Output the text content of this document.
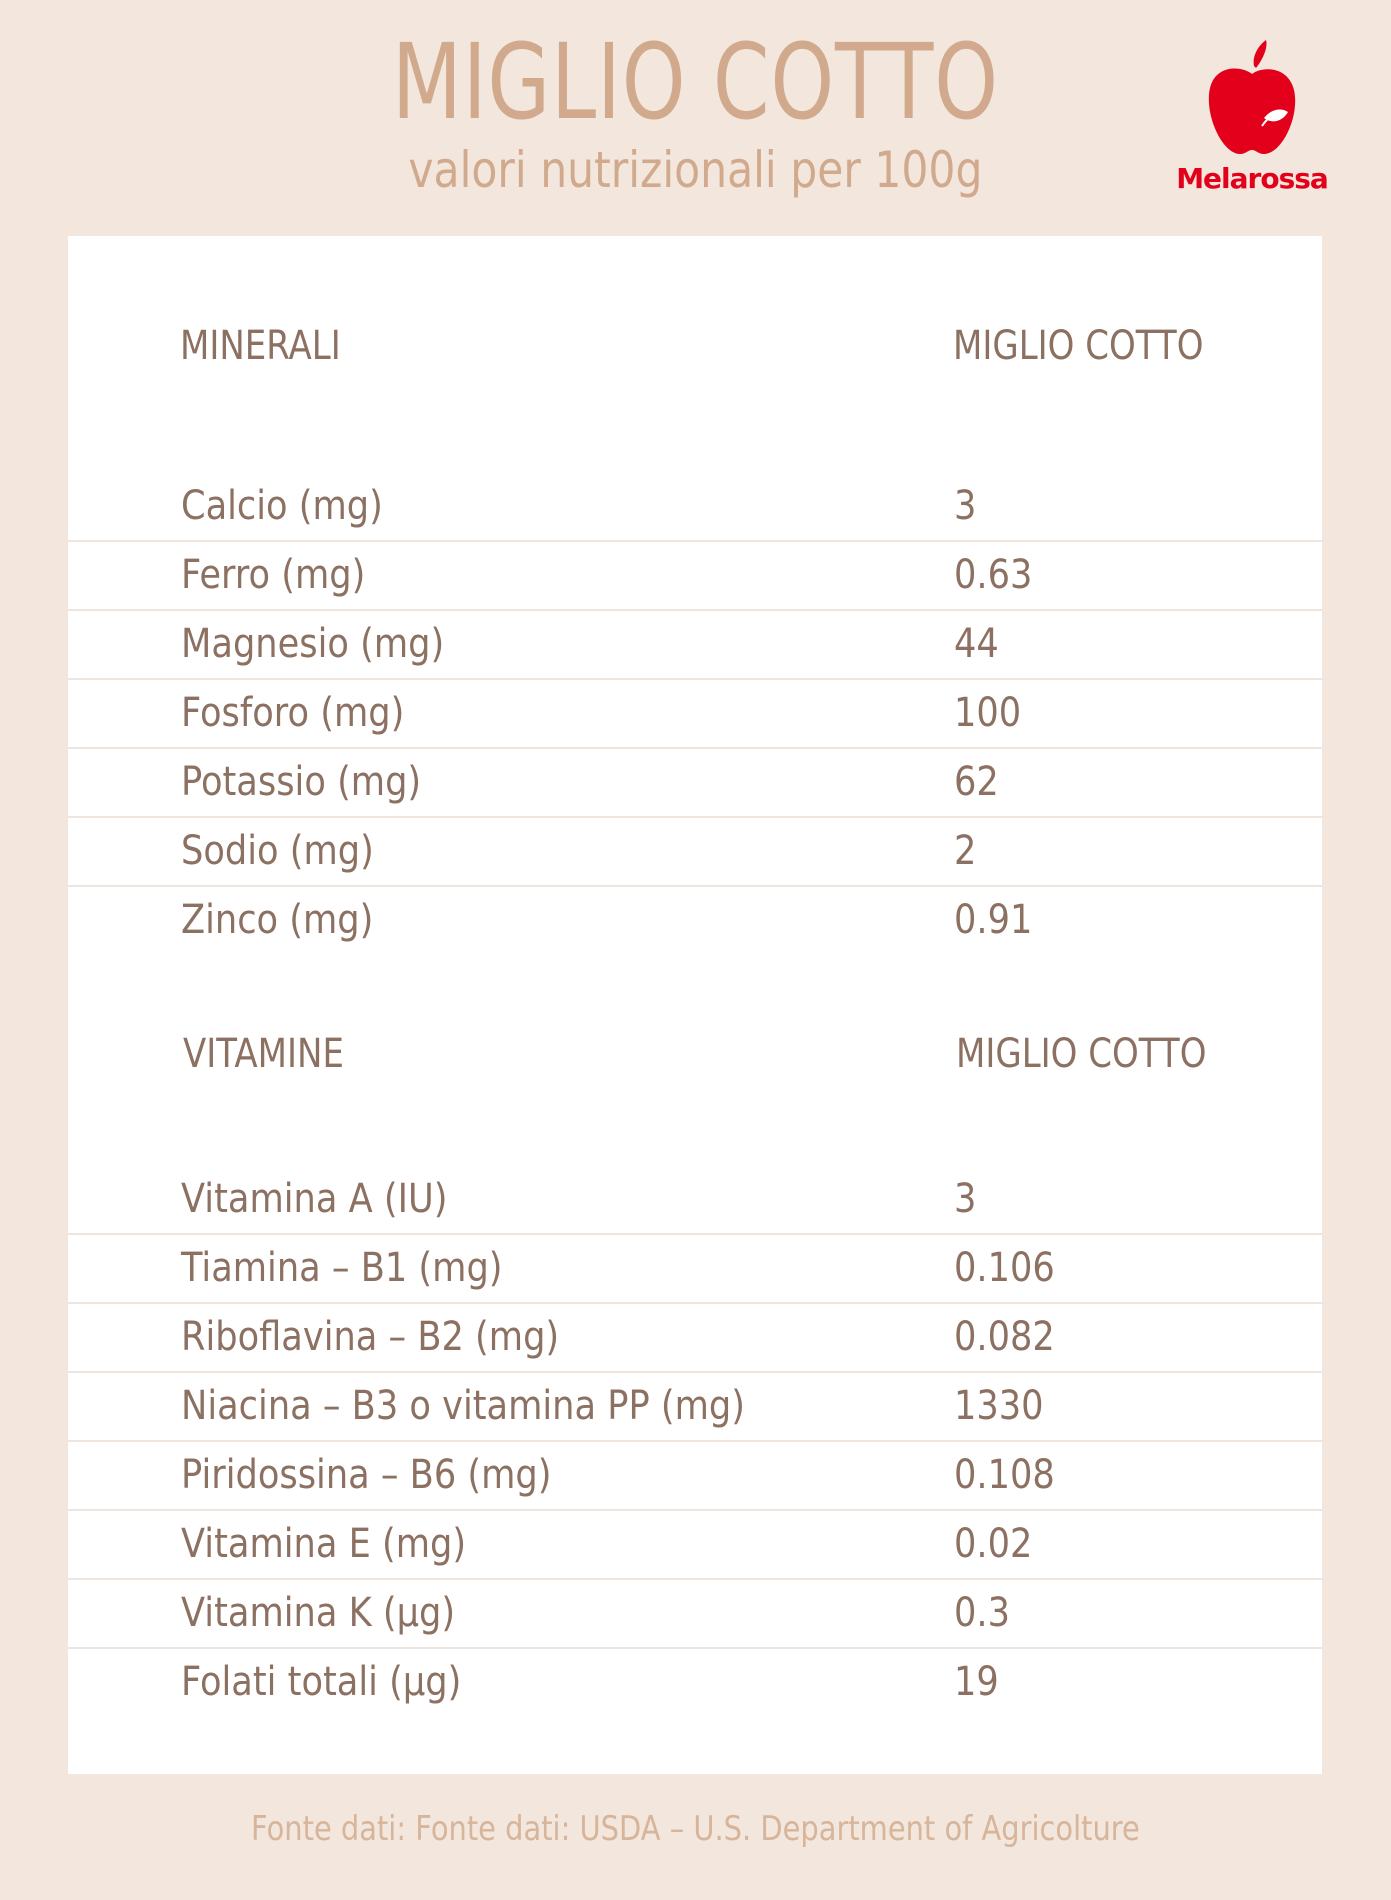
MIGLIO COTTO
valori nutrizionali per 100g	Melarossa
MINERALI	MIGLIO COTTO
Calcio (mg)	3
Ferro (mg)	0.63
Magnesio (mg)	44
Fosforo (mg)	100
Potassio (mg)	62
Sodio (mg)	2
Zinco (mg)	0.91
VITAMINE	MIGLIO COTTO
Vitamina A (IU)	3
Tiamina – B1 (mg)	0.106
Riboflavina – B2 (mg)	0.082
Niacina – B3 o vitamina PP (mg)	1330
Piridossina – B6 (mg)	0.108
Vitamina E (mg)	0.02
Vitamina K (µg)	0.3
Folati totali (µg)	19
Fonte dati: Fonte dati: USDA – U.S. Department of Agricolture
